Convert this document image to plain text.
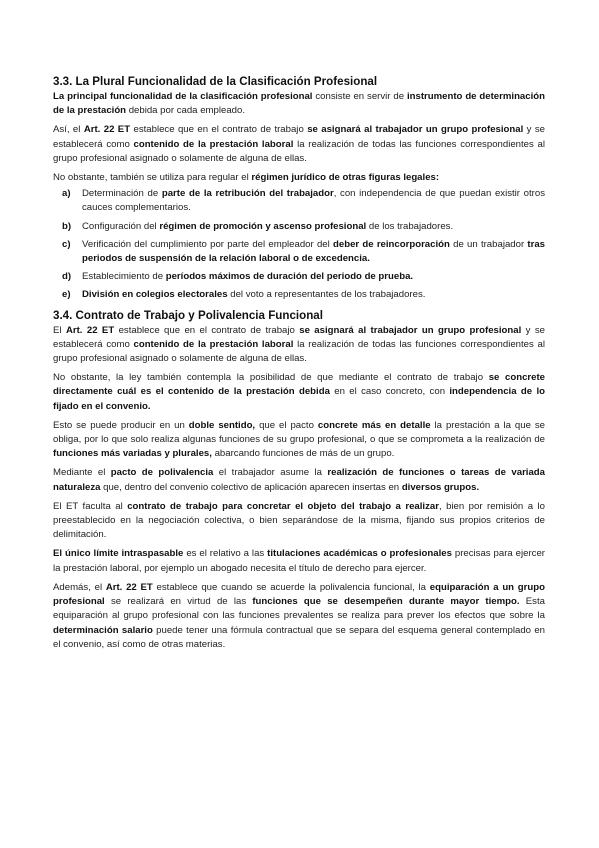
3.3. La Plural Funcionalidad de la Clasificación Profesional

La principal funcionalidad de la clasificación profesional consiste en servir de instrumento de determinación de la prestación debida por cada empleado.

Así, el Art. 22 ET establece que en el contrato de trabajo se asignará al trabajador un grupo profesional y se establecerá como contenido de la prestación laboral la realización de todas las funciones correspondientes al grupo profesional asignado o solamente de alguna de ellas.

No obstante, también se utiliza para regular el régimen jurídico de otras figuras legales:

a) Determinación de parte de la retribución del trabajador, con independencia de que puedan existir otros cauces complementarios.
b) Configuración del régimen de promoción y ascenso profesional de los trabajadores.
c) Verificación del cumplimiento por parte del empleador del deber de reincorporación de un trabajador tras periodos de suspensión de la relación laboral o de excedencia.
d) Establecimiento de períodos máximos de duración del periodo de prueba.
e) División en colegios electorales del voto a representantes de los trabajadores.
3.4. Contrato de Trabajo y Polivalencia Funcional

El Art. 22 ET establece que en el contrato de trabajo se asignará al trabajador un grupo profesional y se establecerá como contenido de la prestación laboral la realización de todas las funciones correspondientes al grupo profesional asignado o solamente de alguna de ellas.

No obstante, la ley también contempla la posibilidad de que mediante el contrato de trabajo se concrete directamente cuál es el contenido de la prestación debida en el caso concreto, con independencia de lo fijado en el convenio.

Esto se puede producir en un doble sentido, que el pacto concrete más en detalle la prestación a la que se obliga, por lo que solo realiza algunas funciones de su grupo profesional, o que se comprometa a la realización de funciones más variadas y plurales, abarcando funciones de más de un grupo.

Mediante el pacto de polivalencia el trabajador asume la realización de funciones o tareas de variada naturaleza que, dentro del convenio colectivo de aplicación aparecen insertas en diversos grupos.

El ET faculta al contrato de trabajo para concretar el objeto del trabajo a realizar, bien por remisión a lo preestablecido en la negociación colectiva, o bien separándose de la misma, fijando sus propios criterios de delimitación.

El único límite intraspasable es el relativo a las titulaciones académicas o profesionales precisas para ejercer la prestación laboral, por ejemplo un abogado necesita el título de derecho para ejercer.

Además, el Art. 22 ET establece que cuando se acuerde la polivalencia funcional, la equiparación a un grupo profesional se realizará en virtud de las funciones que se desempeñen durante mayor tiempo. Esta equiparación al grupo profesional con las funciones prevalentes se realiza para prever los efectos que sobre la determinación salario puede tener una fórmula contractual que se separa del esquema general contemplado en el convenio, así como de otras materias.
